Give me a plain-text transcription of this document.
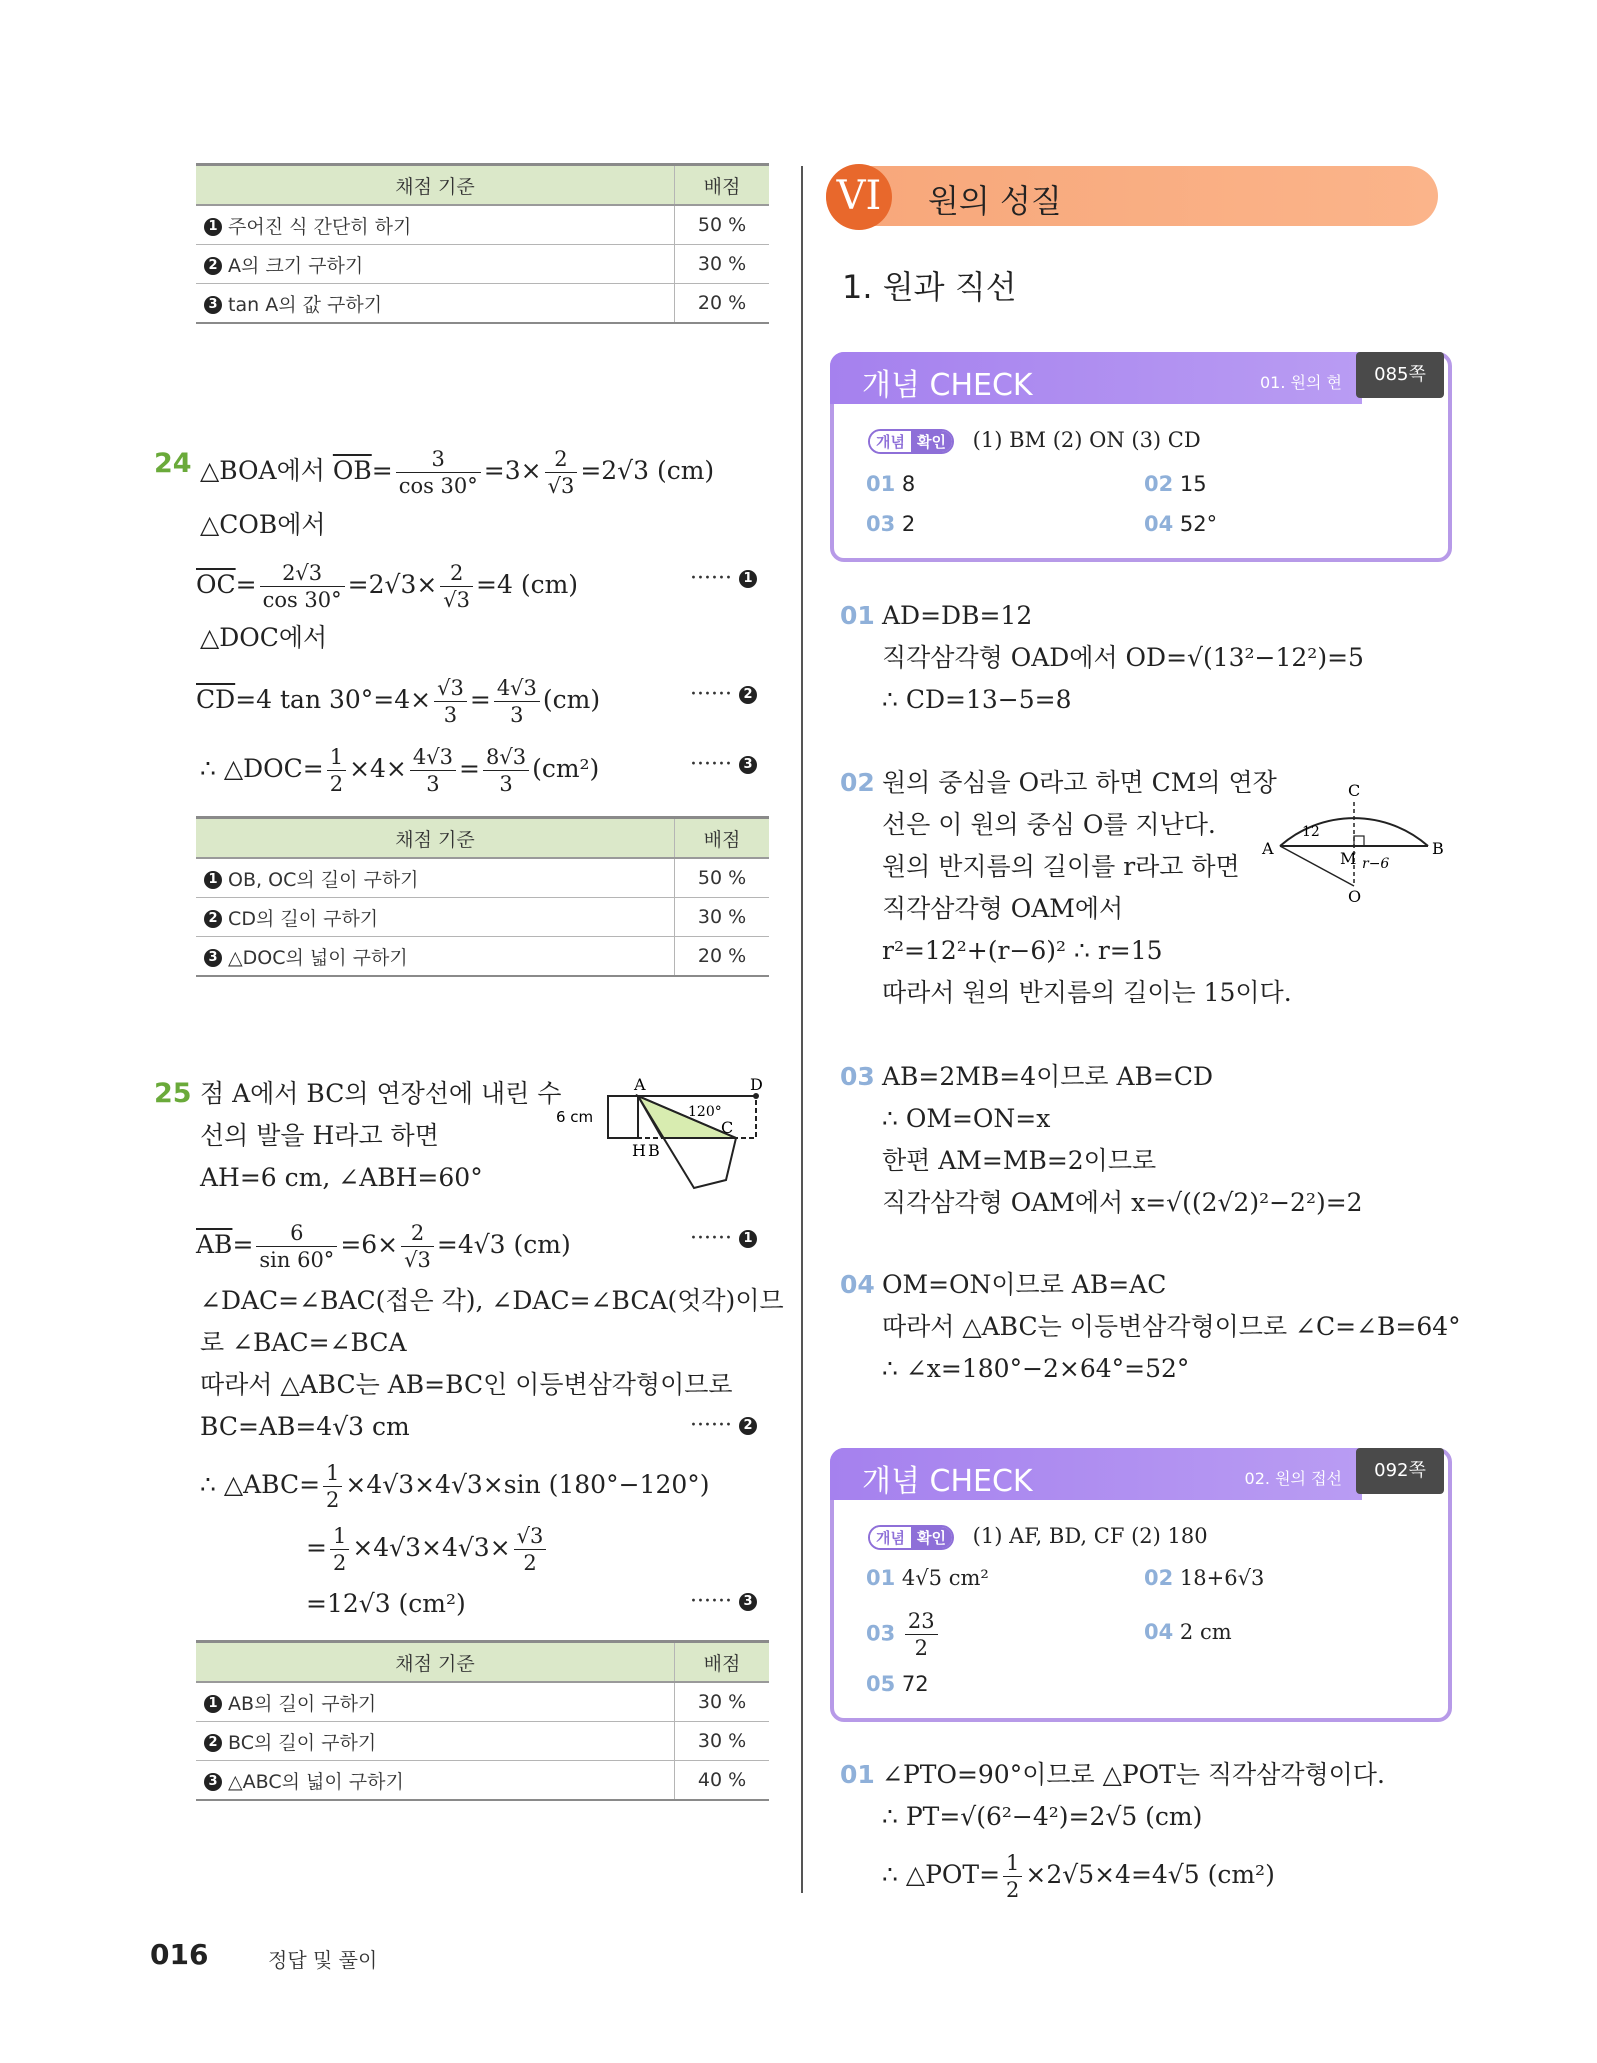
채점 기준	배점
1 주어진 식 간단히 하기	50 %
2 A의 크기 구하기	30 %
3 tan A의 값 구하기	20 %
24 △BOA에서 $\overline{OB}= \frac{3}{\cos 30^\circ} =3\times \frac{2}{√3} =2√3$ (cm)
△COB에서
$\overline{OC}= \frac{2√3}{\cos 30^\circ} =2√3\times \frac{2}{√3} =4$ (cm)	······ 1
△DOC에서
$\overline{CD}=4$ $\tan 30^\circ=4\times \frac{√3}{3} = \frac{4√3}{3} (cm)$	······ 2
∴ △DOC= $\frac{1}{2} \times 4\times \frac{4√3}{3} = \frac{8√3}{3} (cm^2)$	······ 3
채점 기준	배점
1 OB, OC의 길이 구하기	50 %
2 CD의 길이 구하기	30 %
3 △DOC의 넓이 구하기	20 %
25 점 A에서 BC의 연장선에 내린 수
선의 발을 H라고 하면
AH=6 cm, ∠ABH=60°
A	D
C
H B
6 cm	120°
$\overline{AB}= \frac{6}{\sin 60^\circ} =6\times \frac{2}{√3} =4√3$ (cm)	······ 1
∠DAC=∠BAC(접은 각), ∠DAC=∠BCA(엇각)이므
로 ∠BAC=∠BCA
따라서 △ABC는 AB=BC인 이등변삼각형이므로
BC=AB=4√3 cm	······ 2
∴ △ABC= $\frac{1}{2} \times 4√3\times 4√3\times\sin$ (180°−120°)
= $\frac{1}{2} \times 4√3\times 4√3\times \frac{√3}{2}$
=12√3 (cm²)	······ 3
채점 기준	배점
1 AB의 길이 구하기	30 %
2 BC의 길이 구하기	30 %
3 △ABC의 넓이 구하기	40 %
016	정답 및 풀이
VI	원의 성질
1. 원과 직선
개념 CHECK	01. 원의 현	085쪽
개념 확인 (1) BM (2) ON (3) CD
01 8	02 15
03 2	04 52°
01 AD=DB=12
직각삼각형 OAD에서 OD=√(13²−12²)=5
∴ CD=13−5=8
02 원의 중심을 O라고 하면 CM의 연장
선은 이 원의 중심 O를 지난다.
원의 반지름의 길이를 r라고 하면
직각삼각형 OAM에서
r²=12²+(r−6)² ∴ r=15
따라서 원의 반지름의 길이는 15이다.
C
A	B
M
O
12
r−6
03 AB=2MB=4이므로 AB=CD
∴ OM=ON=x
한편 AM=MB=2이므로
직각삼각형 OAM에서 x=√((2√2)²−2²)=2
04 OM=ON이므로 AB=AC
따라서 △ABC는 이등변삼각형이므로 ∠C=∠B=64°
∴ ∠x=180°−2×64°=52°
개념 CHECK	02. 원의 접선	092쪽
개념 확인 (1) AF, BD, CF (2) 180
01 4√5 cm²	02 18+6√3
$03 \frac{23}{2}$	04 2 cm
05 72
01 ∠PTO=90°이므로 △POT는 직각삼각형이다.
∴ PT=√(6²−4²)=2√5 (cm)
∴ △POT= $\frac{1}{2} \times 2√5\times 4=4√5$ (cm²)
